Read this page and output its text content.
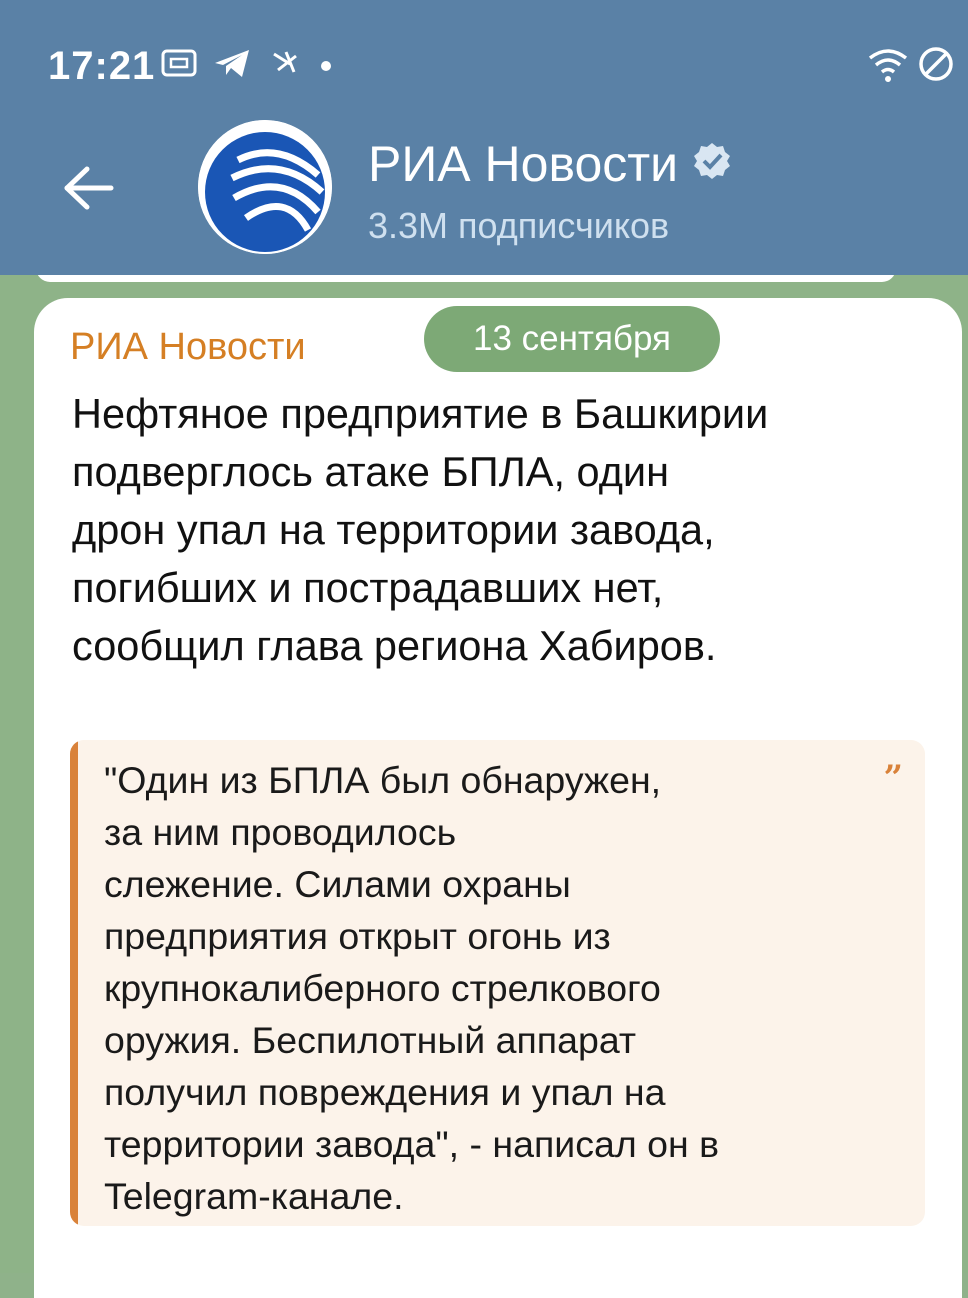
17:21
РИА Новости
3.3M подписчиков
РИА Новости	13 сентября
Нефтяное предприятие в Башкирии
подверглось атаке БПЛА, один
дрон упал на территории завода,
погибших и пострадавших нет,
сообщил глава региона Хабиров.
"Один из БПЛА был обнаружен,
за ним проводилось
слежение. Силами охраны
предприятия открыт огонь из
крупнокалиберного стрелкового
оружия. Беспилотный аппарат
получил повреждения и упал на
территории завода", - написал он в
Telegram-канале.
”
